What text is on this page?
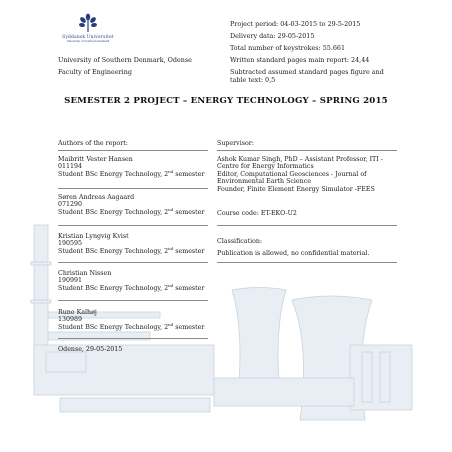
Syddansk Universitet
University of Southern Denmark
Project period: 04-03-2015 to 29-5-2015
Delivery data: 29-05-2015
Total number of keystrokes: 55.661
Written standard pages main report: 24,44
Subtracted assumed standard pages figure and
table text: 0,5
University of Southern Denmark, Odense
Faculty of Engineering
SEMESTER 2 PROJECT – ENERGY TECHNOLOGY – SPRING 2015
Authors of the report:	Supervisor:
Maibritt Vester Hansen
011194
Student BSc Energy Technology, 2nd semester
Ashok Kumar Singh, PhD – Assistant Professor, ITI -
Centre for Energy Informatics
Editor, Computational Geosciences - Journal of
Environmental Earth Science
Founder, Finite Element Energy Simulator -FEES
Søren Andreas Aagaard
071290
Student BSc Energy Technology, 2nd semester Course code: ET-EKO-U2
Kristian Lyngvig Kvist
190595
Student BSc Energy Technology, 2nd semester
Classification:
Publication is allowed, no confidential material.
Christian Nissen
190991
Student BSc Energy Technology, 2nd semester
Rune Kalhøj
130989
Student BSc Energy Technology, 2nd semester
Odense, 29-05-2015
